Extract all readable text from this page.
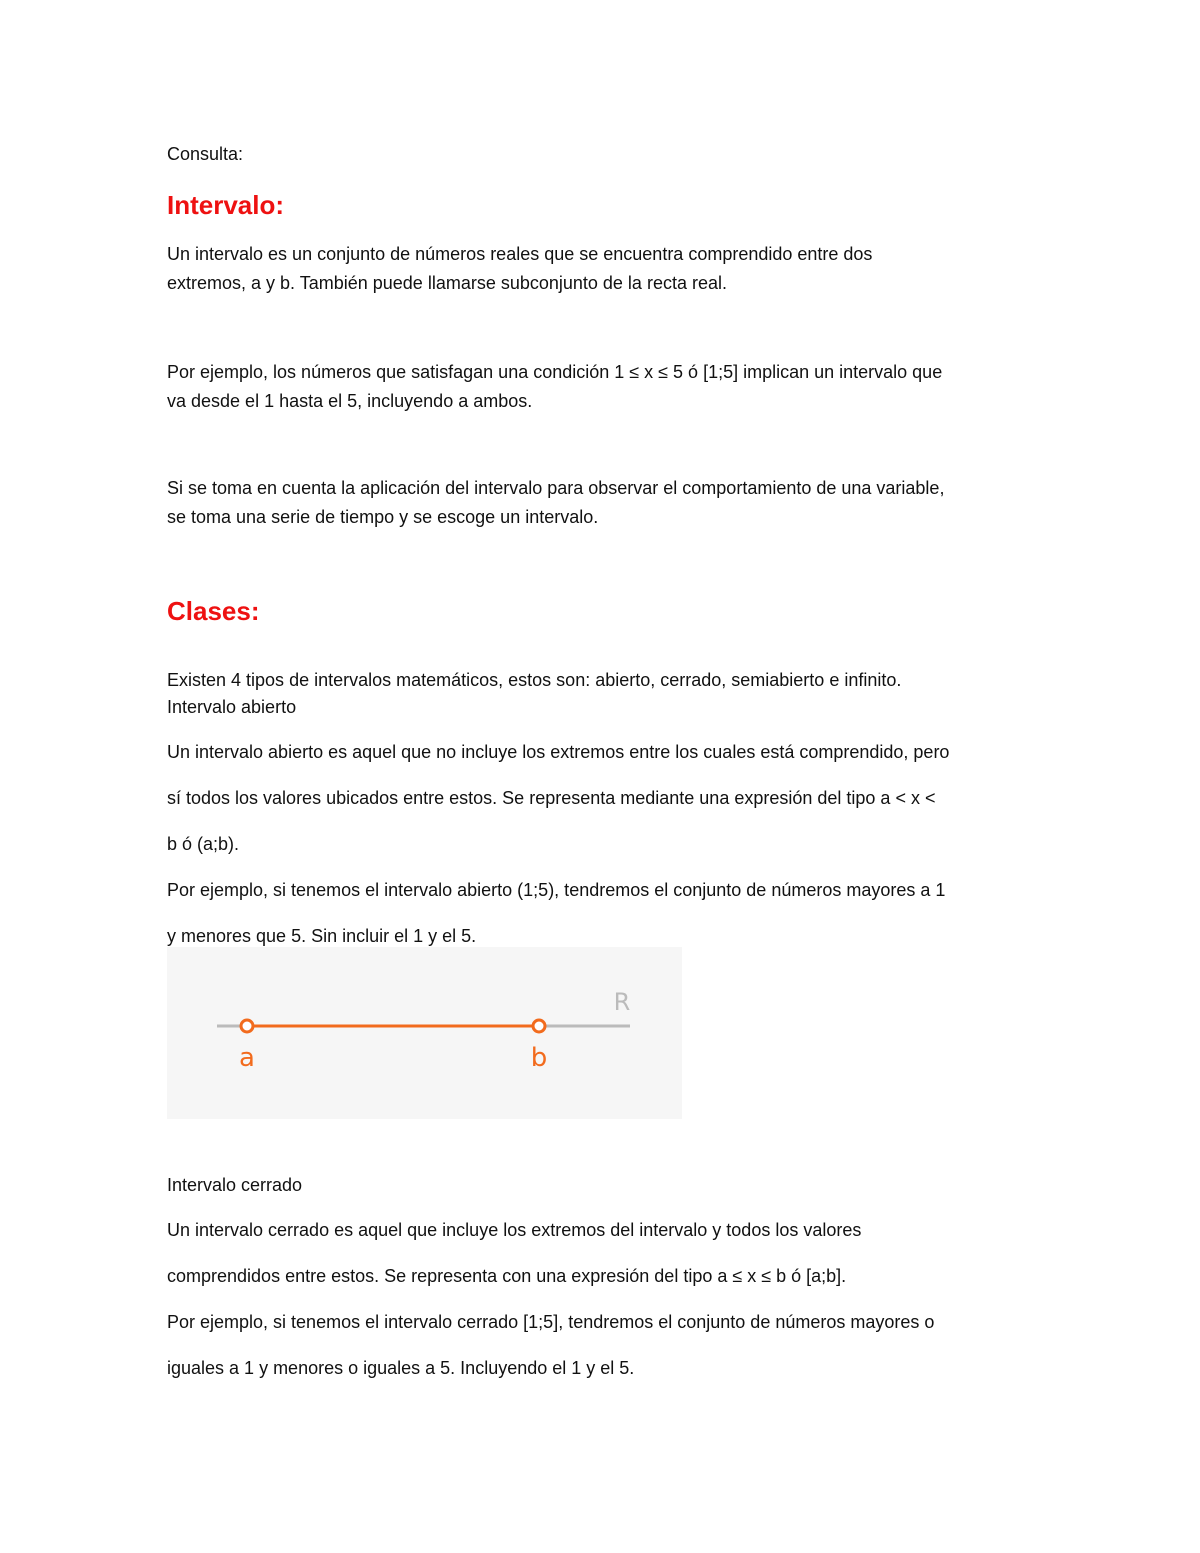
Consulta:

Intervalo:

Un intervalo es un conjunto de números reales que se encuentra comprendido entre dos

extremos, a y b. También puede llamarse subconjunto de la recta real.

Por ejemplo, los números que satisfagan una condición 1 ≤ x ≤ 5 ó [1;5] implican un intervalo que

va desde el 1 hasta el 5, incluyendo a ambos.

Si se toma en cuenta la aplicación del intervalo para observar el comportamiento de una variable,

se toma una serie de tiempo y se escoge un intervalo.

Clases:

Existen 4 tipos de intervalos matemáticos, estos son: abierto, cerrado, semiabierto e infinito.

Intervalo abierto

Un intervalo abierto es aquel que no incluye los extremos entre los cuales está comprendido, pero

sí todos los valores ubicados entre estos. Se representa mediante una expresión del tipo a < x <

b ó (a;b).

Por ejemplo, si tenemos el intervalo abierto (1;5), tendremos el conjunto de números mayores a 1

y menores que 5. Sin incluir el 1 y el 5.

R
a	b

Intervalo cerrado

Un intervalo cerrado es aquel que incluye los extremos del intervalo y todos los valores

comprendidos entre estos. Se representa con una expresión del tipo a ≤ x ≤ b ó [a;b].

Por ejemplo, si tenemos el intervalo cerrado [1;5], tendremos el conjunto de números mayores o

iguales a 1 y menores o iguales a 5. Incluyendo el 1 y el 5.
